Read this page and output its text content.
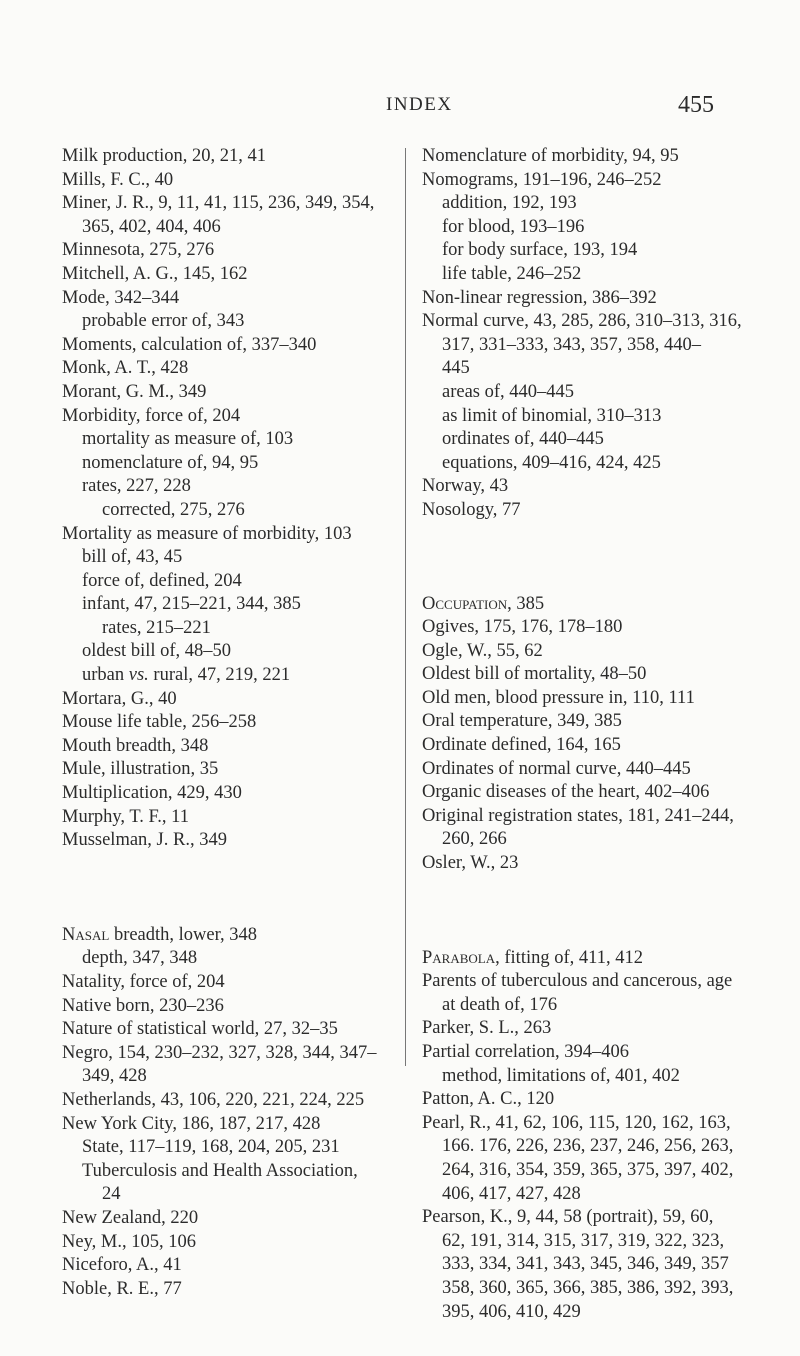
INDEX	455
Milk production, 20, 21, 41
Mills, F. C., 40
Miner, J. R., 9, 11, 41, 115, 236, 349, 354,
365, 402, 404, 406
Minnesota, 275, 276
Mitchell, A. G., 145, 162
Mode, 342–344
probable error of, 343
Moments, calculation of, 337–340
Monk, A. T., 428
Morant, G. M., 349
Morbidity, force of, 204
mortality as measure of, 103
nomenclature of, 94, 95
rates, 227, 228
corrected, 275, 276
Mortality as measure of morbidity, 103
bill of, 43, 45
force of, defined, 204
infant, 47, 215–221, 344, 385
rates, 215–221
oldest bill of, 48–50
urban vs. rural, 47, 219, 221
Mortara, G., 40
Mouse life table, 256–258
Mouth breadth, 348
Mule, illustration, 35
Multiplication, 429, 430
Murphy, T. F., 11
Musselman, J. R., 349
Nasal breadth, lower, 348
depth, 347, 348
Natality, force of, 204
Native born, 230–236
Nature of statistical world, 27, 32–35
Negro, 154, 230–232, 327, 328, 344, 347–
349, 428
Netherlands, 43, 106, 220, 221, 224, 225
New York City, 186, 187, 217, 428
State, 117–119, 168, 204, 205, 231
Tuberculosis and Health Association,
24
New Zealand, 220
Ney, M., 105, 106
Niceforo, A., 41
Noble, R. E., 77
Nomenclature of morbidity, 94, 95
Nomograms, 191–196, 246–252
addition, 192, 193
for blood, 193–196
for body surface, 193, 194
life table, 246–252
Non-linear regression, 386–392
Normal curve, 43, 285, 286, 310–313, 316,
317, 331–333, 343, 357, 358, 440–
445
areas of, 440–445
as limit of binomial, 310–313
ordinates of, 440–445
equations, 409–416, 424, 425
Norway, 43
Nosology, 77
Occupation, 385
Ogives, 175, 176, 178–180
Ogle, W., 55, 62
Oldest bill of mortality, 48–50
Old men, blood pressure in, 110, 111
Oral temperature, 349, 385
Ordinate defined, 164, 165
Ordinates of normal curve, 440–445
Organic diseases of the heart, 402–406
Original registration states, 181, 241–244,
260, 266
Osler, W., 23
Parabola, fitting of, 411, 412
Parents of tuberculous and cancerous, age
at death of, 176
Parker, S. L., 263
Partial correlation, 394–406
method, limitations of, 401, 402
Patton, A. C., 120
Pearl, R., 41, 62, 106, 115, 120, 162, 163,
166. 176, 226, 236, 237, 246, 256, 263,
264, 316, 354, 359, 365, 375, 397, 402,
406, 417, 427, 428
Pearson, K., 9, 44, 58 (portrait), 59, 60,
62, 191, 314, 315, 317, 319, 322, 323,
333, 334, 341, 343, 345, 346, 349, 357
358, 360, 365, 366, 385, 386, 392, 393,
395, 406, 410, 429
